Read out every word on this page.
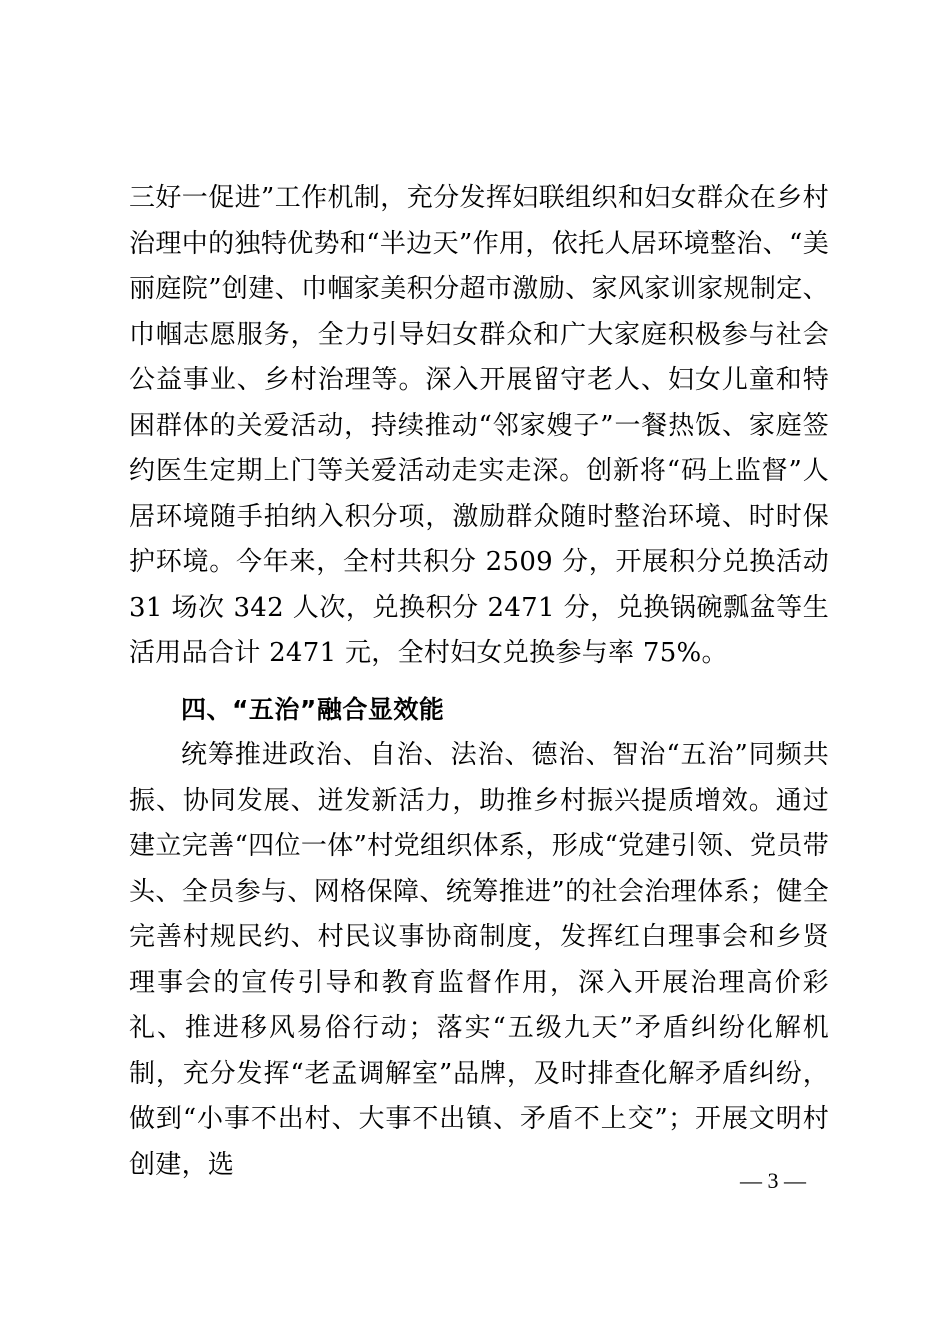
三好一促进”工作机制，充分发挥妇联组织和妇女群众在乡村治理中的独特优势和“半边天”作用，依托人居环境整治、“美丽庭院”创建、巾帼家美积分超市激励、家风家训家规制定、巾帼志愿服务，全力引导妇女群众和广大家庭积极参与社会公益事业、乡村治理等。深入开展留守老人、妇女儿童和特困群体的关爱活动，持续推动“邻家嫂子”一餐热饭、家庭签约医生定期上门等关爱活动走实走深。创新将“码上监督”人居环境随手拍纳入积分项，激励群众随时整治环境、时时保护环境。今年来，全村共积分 2509 分，开展积分兑换活动 31 场次 342 人次，兑换积分 2471 分，兑换锅碗瓢盆等生活用品合计 2471 元，全村妇女兑换参与率 75%。

四、“五治”融合显效能

统筹推进政治、自治、法治、德治、智治“五治”同频共振、协同发展、迸发新活力，助推乡村振兴提质增效。通过建立完善“四位一体”村党组织体系，形成“党建引领、党员带头、全员参与、网格保障、统筹推进”的社会治理体系；健全完善村规民约、村民议事协商制度，发挥红白理事会和乡贤理事会的宣传引导和教育监督作用，深入开展治理高价彩礼、推进移风易俗行动；落实“五级九天”矛盾纠纷化解机制，充分发挥“老孟调解室”品牌，及时排查化解矛盾纠纷，做到“小事不出村、大事不出镇、矛盾不上交”；开展文明村创建，选

— 3 —
